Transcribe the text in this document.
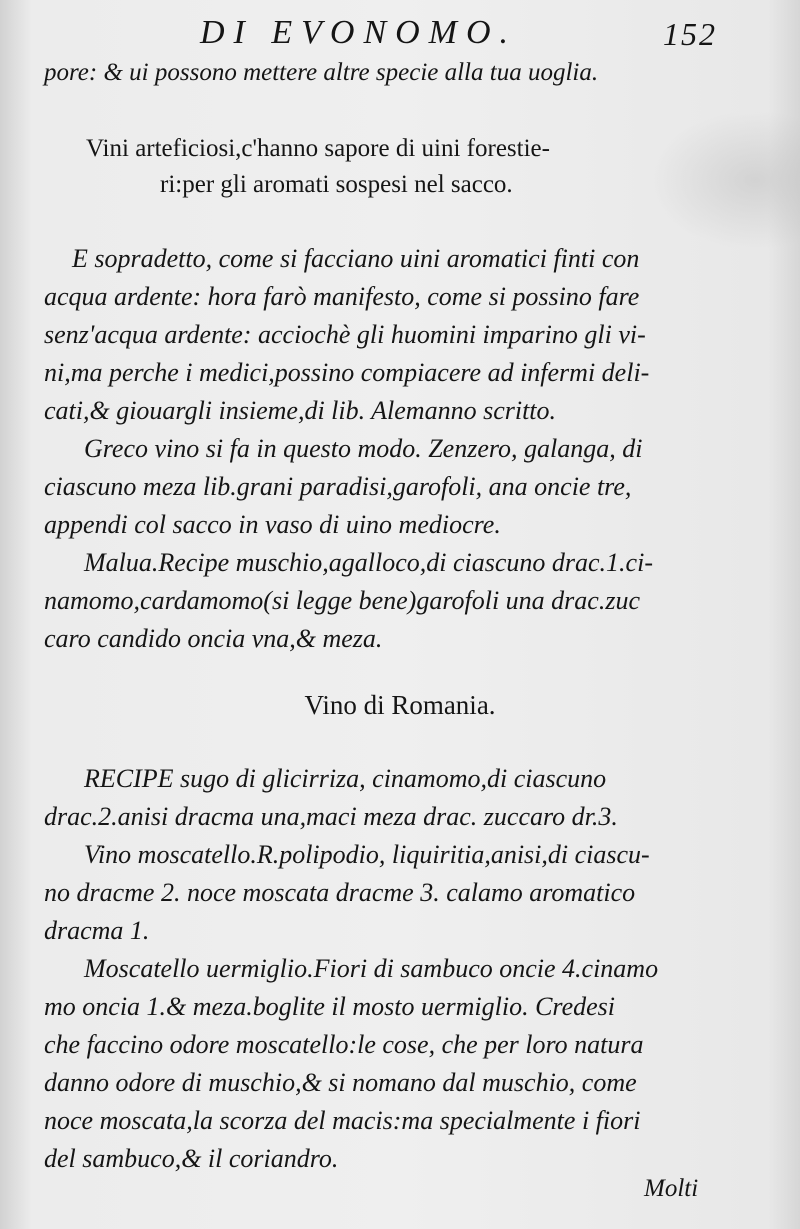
DI EVONOMO.	152
pore: & ui possono mettere altre specie alla tua uoglia.
Vini arteficiosi,c'hanno sapore di uini forestie-
ri:per gli aromati sospesi nel sacco.
E sopradetto, come si facciano uini aromatici finti con
acqua ardente: hora farò manifesto, come si possino fare
senz'acqua ardente: acciochè gli huomini imparino gli vi-
ni,ma perche i medici,possino compiacere ad infermi deli-
cati,& giouargli insieme,di lib. Alemanno scritto.
Greco vino si fa in questo modo. Zenzero, galanga, di
ciascuno meza lib.grani paradisi,garofoli, ana oncie tre,
appendi col sacco in vaso di uino mediocre.
Malua.Recipe muschio,agalloco,di ciascuno drac.1.ci-
namomo,cardamomo(si legge bene)garofoli una drac.zuc
caro candido oncia vna,& meza.
Vino di Romania.
RECIPE sugo di glicirriza, cinamomo,di ciascuno
drac.2.anisi dracma una,maci meza drac. zuccaro dr.3.
Vino moscatello.R.polipodio, liquiritia,anisi,di ciascu-
no dracme 2. noce moscata dracme 3. calamo aromatico
dracma 1.
Moscatello uermiglio.Fiori di sambuco oncie 4.cinamo
mo oncia 1.& meza.boglite il mosto uermiglio. Credesi
che faccino odore moscatello:le cose, che per loro natura
danno odore di muschio,& si nomano dal muschio, come
noce moscata,la scorza del macis:ma specialmente i fiori
del sambuco,& il coriandro.
Molti
